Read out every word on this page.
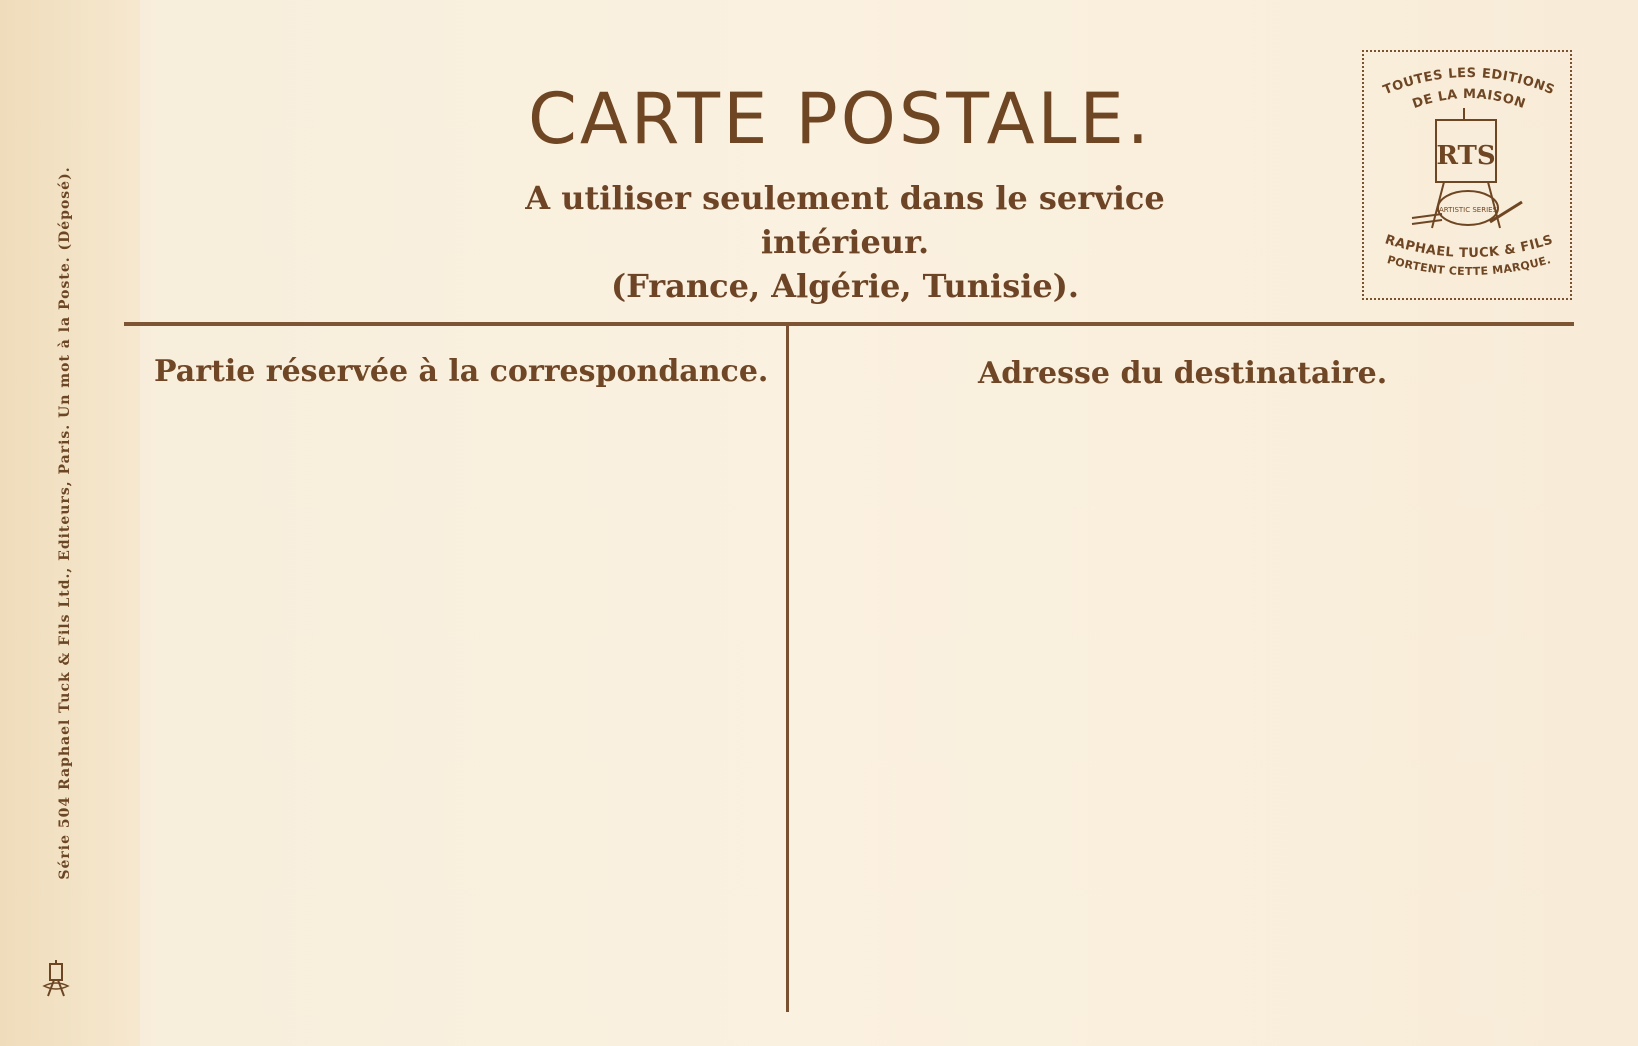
Série 504 Raphael Tuck & Fils Ltd., Editeurs, Paris. Un mot à la Poste. (Déposé).
CARTE POSTALE.
A utiliser seulement dans le service intérieur.
(France, Algérie, Tunisie).
TOUTES LES EDITIONS
DE LA MAISON
RTS
ARTISTIC SERIES
RAPHAEL TUCK & FILS
PORTENT CETTE MARQUE.
Partie réservée à la correspondance.	Adresse du destinataire.
